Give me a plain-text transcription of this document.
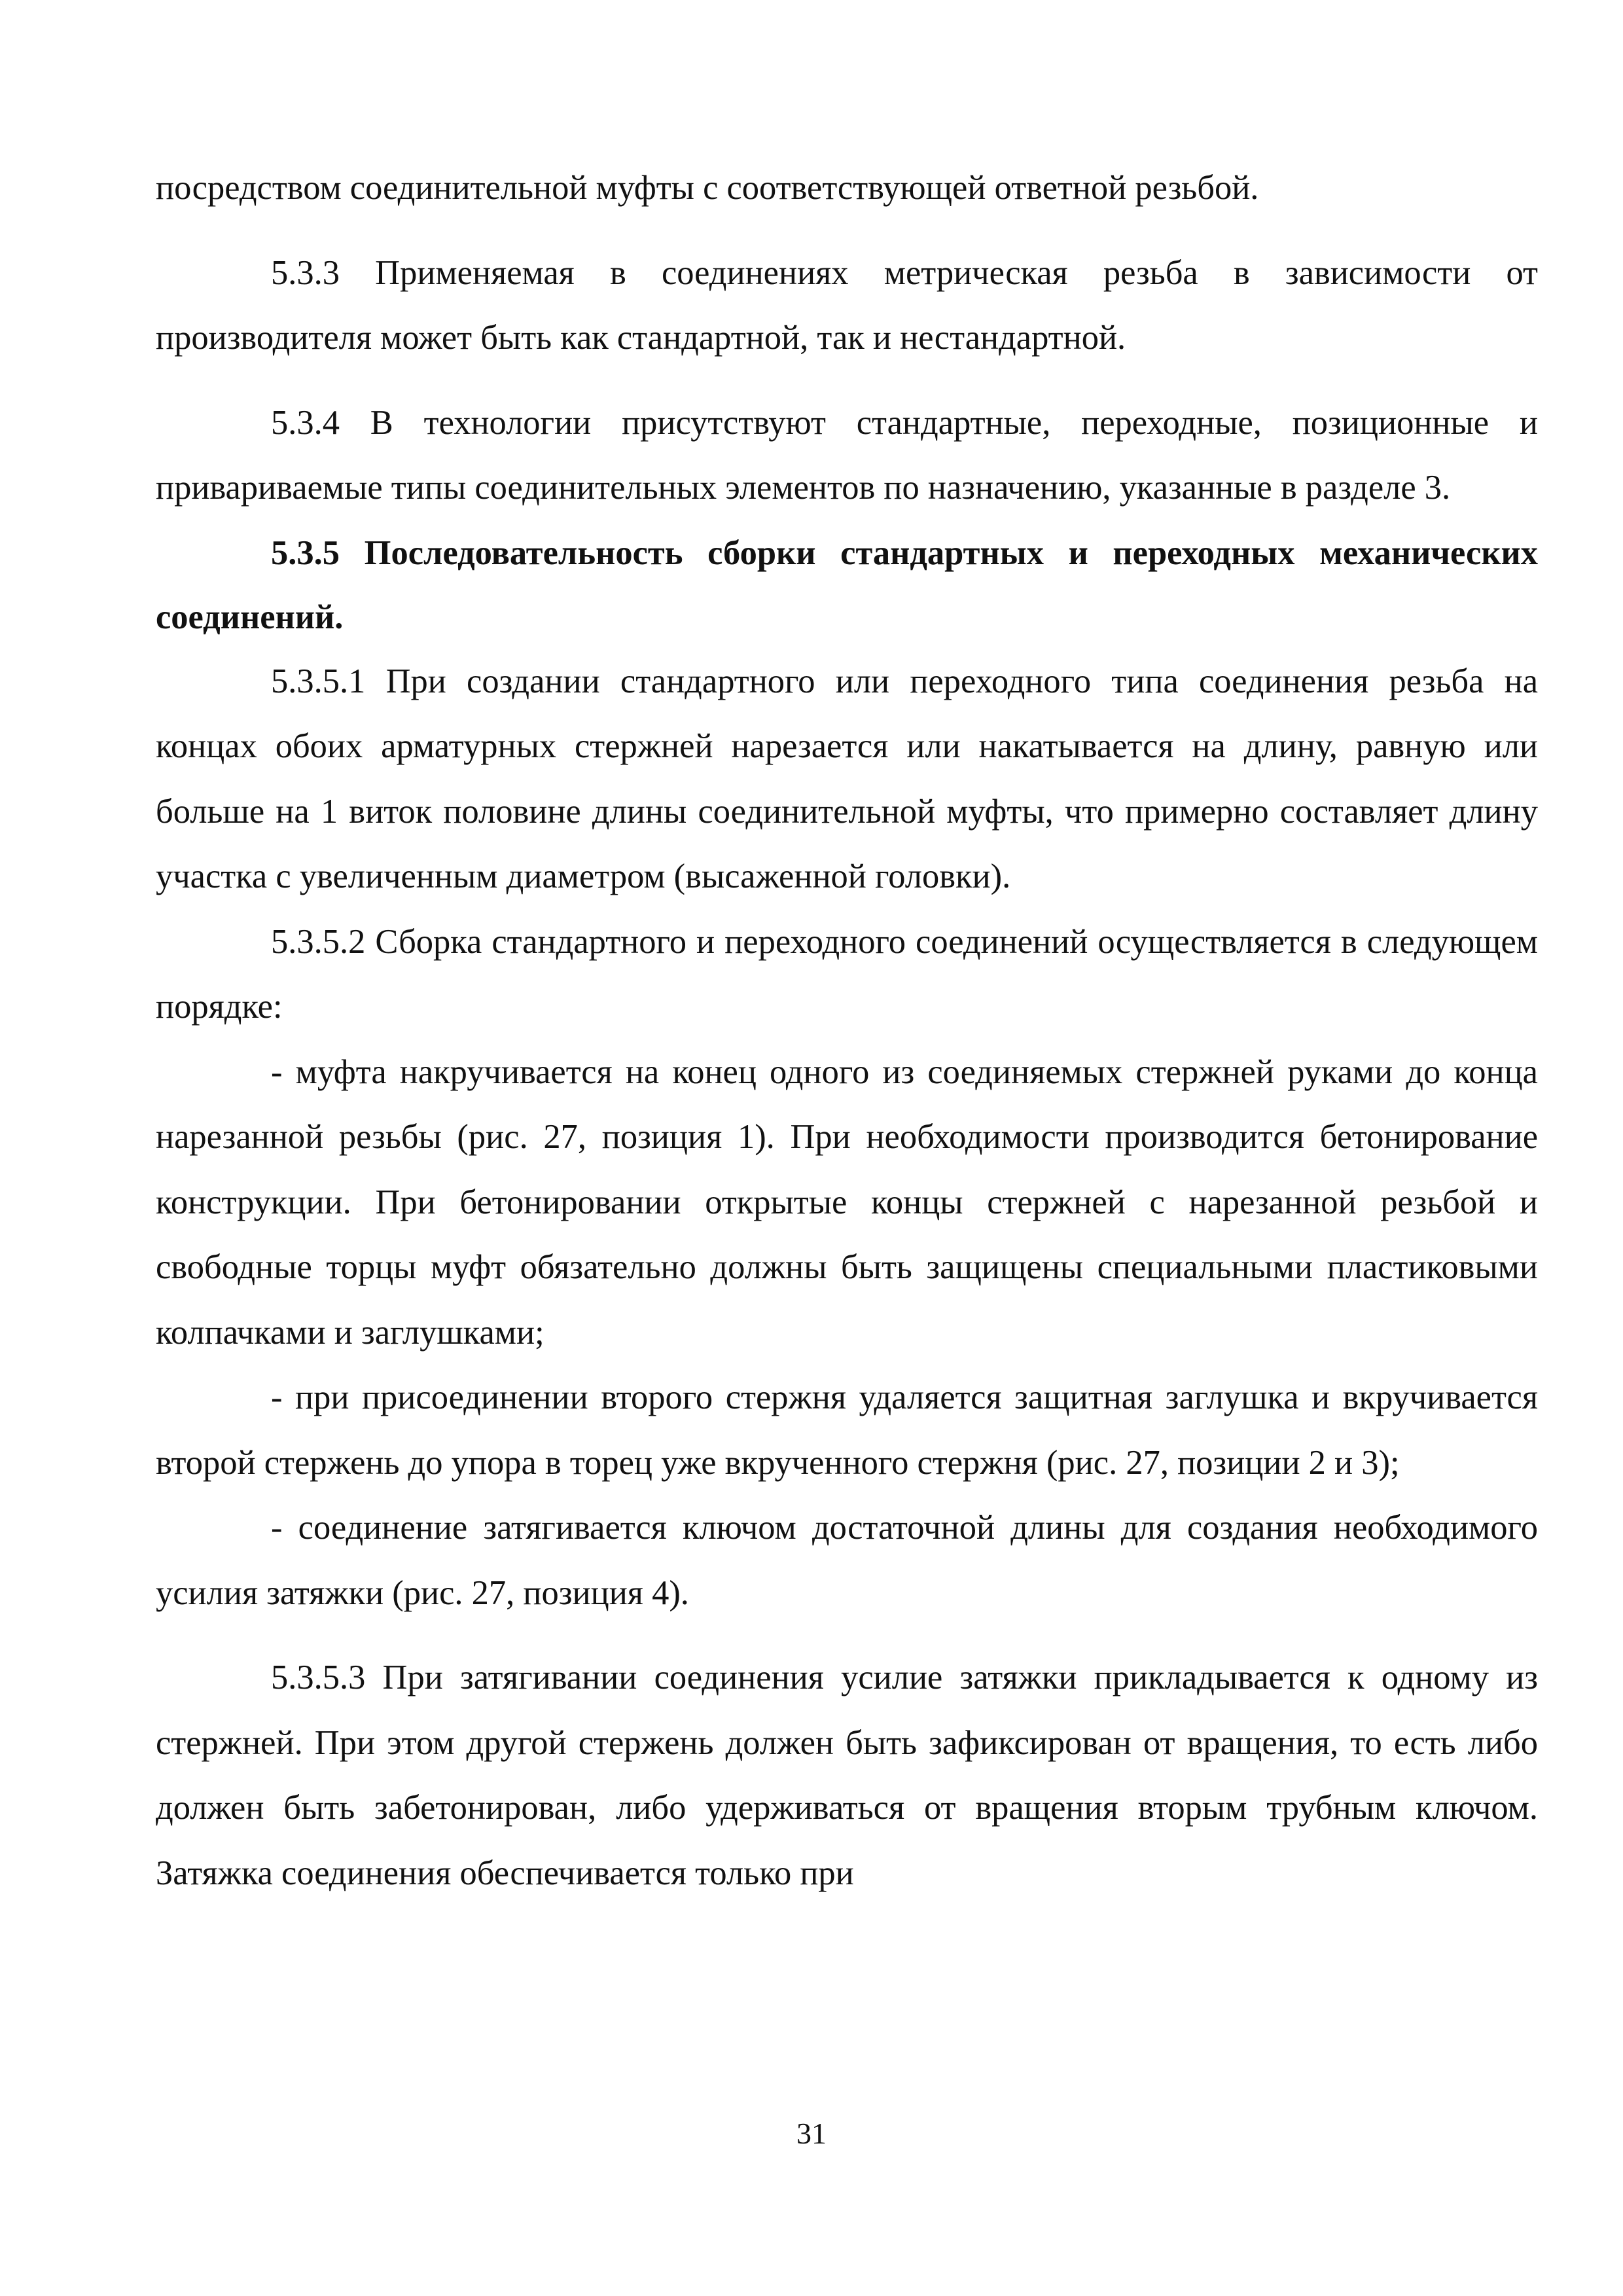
посредством соединительной муфты с соответствующей ответной резьбой.

5.3.3 Применяемая в соединениях метрическая резьба в зависимости от производителя может быть как стандартной, так и нестандартной.

5.3.4 В технологии присутствуют стандартные, переходные, позиционные и привариваемые типы соединительных элементов по назначению, указанные в разделе 3.

5.3.5 Последовательность сборки стандартных и переходных механических соединений.

5.3.5.1 При создании стандартного или переходного типа соединения резьба на концах обоих арматурных стержней нарезается или накатывается на длину, равную или больше на 1 виток половине длины соединительной муфты, что примерно составляет длину участка с увеличенным диаметром (высаженной головки).

5.3.5.2 Сборка стандартного и переходного соединений осуществляется в следующем порядке:

- муфта накручивается на конец одного из соединяемых стержней руками до конца нарезанной резьбы (рис. 27, позиция 1). При необходимости производится бетонирование конструкции. При бетонировании открытые концы стержней с нарезанной резьбой и свободные торцы муфт обязательно должны быть защищены специальными пластиковыми колпачками и заглушками;

- при присоединении второго стержня удаляется защитная заглушка и вкручивается второй стержень до упора в торец уже вкрученного стержня (рис. 27, позиции 2 и 3);

- соединение затягивается ключом достаточной длины для создания необходимого усилия затяжки (рис. 27, позиция 4).

5.3.5.3 При затягивании соединения усилие затяжки прикладывается к одному из стержней. При этом другой стержень должен быть зафиксирован от вращения, то есть либо должен быть забетонирован, либо удерживаться от вращения вторым трубным ключом. Затяжка соединения обеспечивается только при

31
